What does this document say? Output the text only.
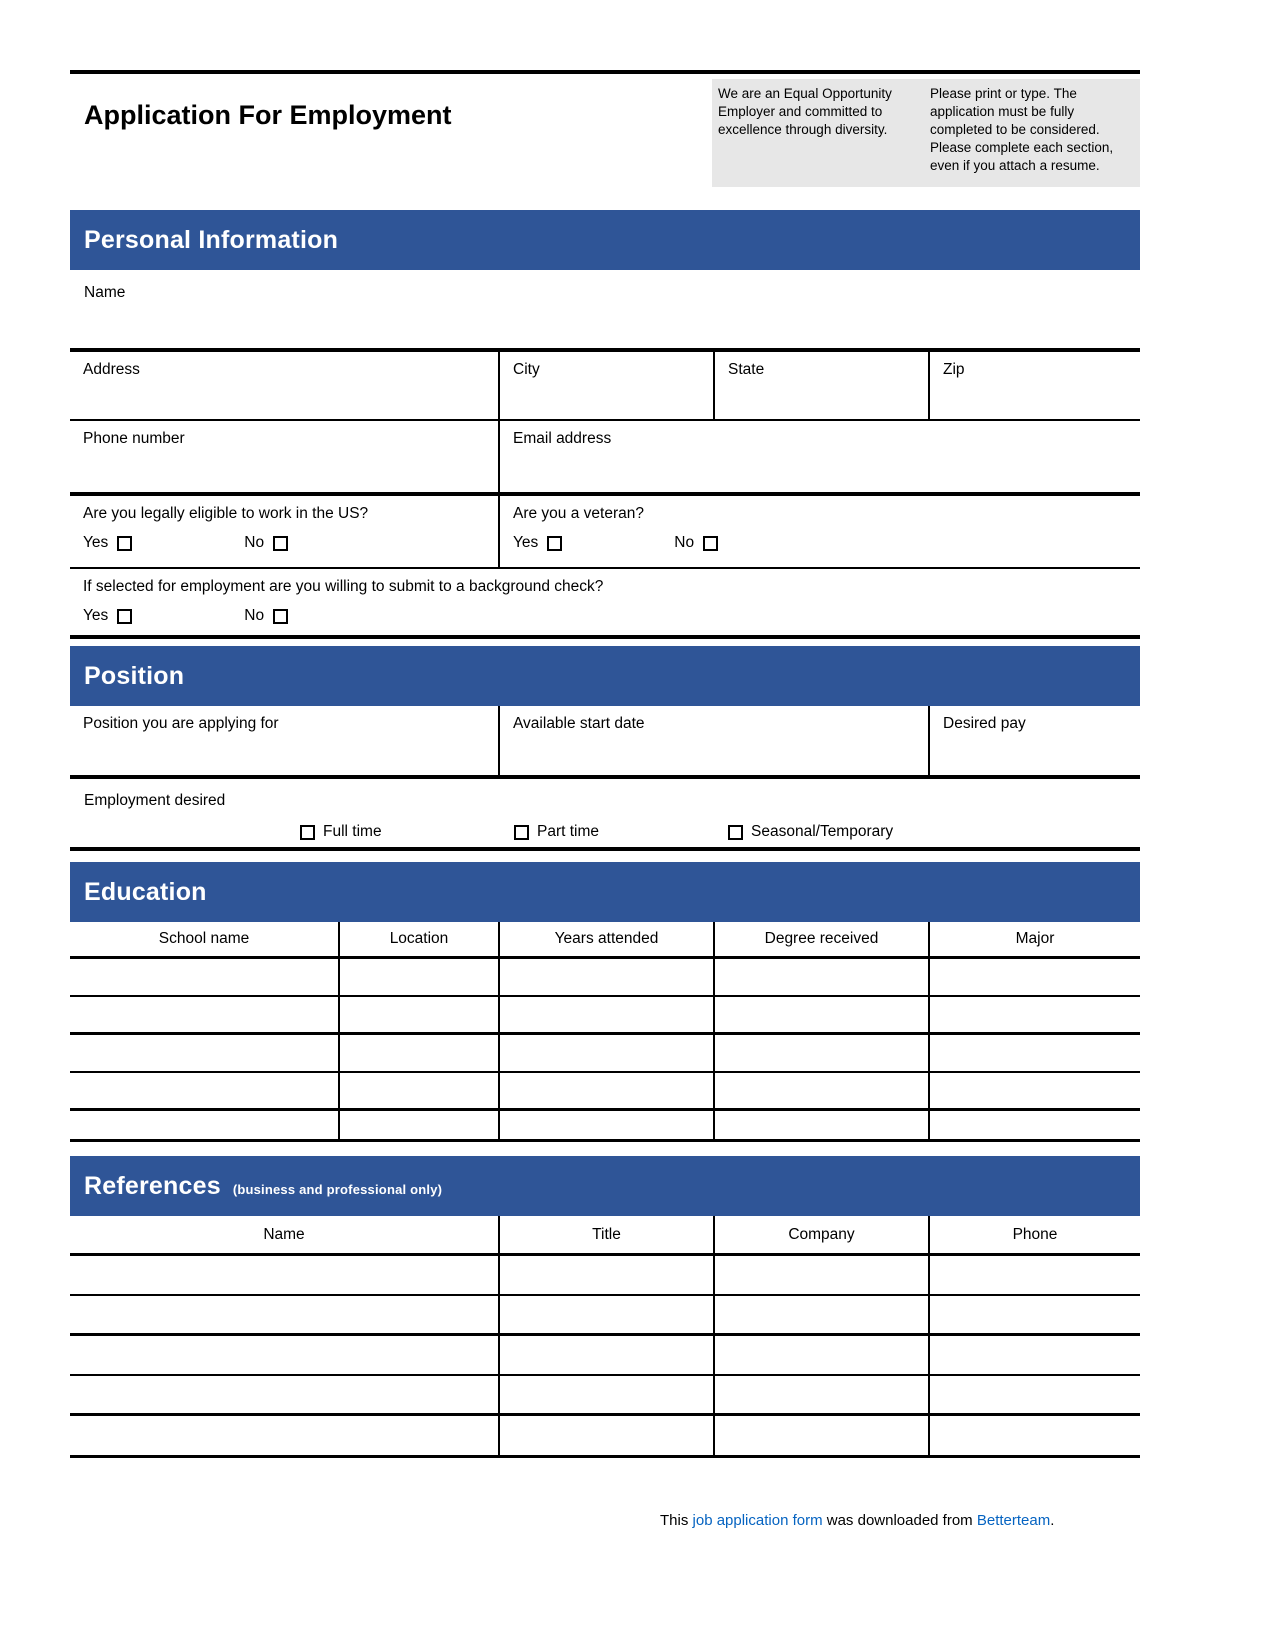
Application For Employment
We are an Equal Opportunity Employer and committed to excellence through diversity.
Please print or type. The application must be fully completed to be considered. Please complete each section, even if you attach a resume.
Personal Information
Name
Address	City	State	Zip
Phone number	Email address
Are you legally eligible to work in the US?
Yes	No
Are you a veteran?
Yes	No
If selected for employment are you willing to submit to a background check?
Yes	No
Position
Position you are applying for	Available start date	Desired pay
Employment desired
Full time	Part time	Seasonal/Temporary
Education
School name	Location	Years attended	Degree received	Major
References (business and professional only)
Name	Title	Company	Phone
This job application form was downloaded from Betterteam.
